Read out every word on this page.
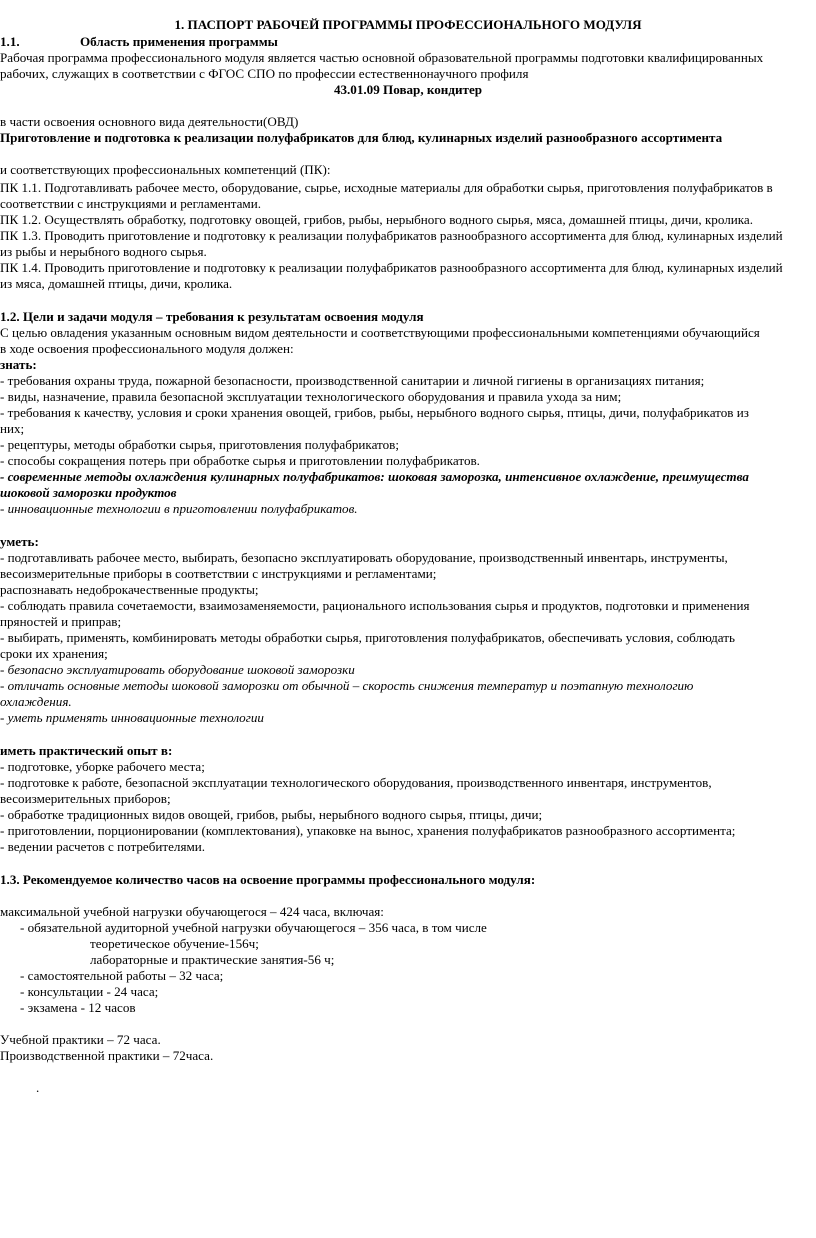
1. ПАСПОРТ РАБОЧЕЙ ПРОГРАММЫ ПРОФЕССИОНАЛЬНОГО МОДУЛЯ
1.1.	Область применения программы
Рабочая программа профессионального модуля является частью основной образовательной программы подготовки квалифицированных
рабочих, служащих в соответствии с ФГОС СПО по профессии естественнонаучного профиля
43.01.09 Повар, кондитер
в части освоения основного вида деятельности(ОВД)
Приготовление и подготовка к реализации полуфабрикатов для блюд, кулинарных изделий разнообразного ассортимента
и соответствующих профессиональных компетенций (ПК):
ПК 1.1. Подготавливать рабочее место, оборудование, сырье, исходные материалы для обработки сырья, приготовления полуфабрикатов в
соответствии с инструкциями и регламентами.
ПК 1.2. Осуществлять обработку, подготовку овощей, грибов, рыбы, нерыбного водного сырья, мяса, домашней птицы, дичи, кролика.
ПК 1.3. Проводить приготовление и подготовку к реализации полуфабрикатов разнообразного ассортимента для блюд, кулинарных изделий
из рыбы и нерыбного водного сырья.
ПК 1.4. Проводить приготовление и подготовку к реализации полуфабрикатов разнообразного ассортимента для блюд, кулинарных изделий
из мяса, домашней птицы, дичи, кролика.
1.2. Цели и задачи модуля – требования к результатам освоения модуля
С целью овладения указанным основным видом деятельности и соответствующими профессиональными компетенциями обучающийся
в ходе освоения профессионального модуля должен:
знать:
- требования охраны труда, пожарной безопасности, производственной санитарии и личной гигиены в организациях питания;
- виды, назначение, правила безопасной эксплуатации технологического оборудования и правила ухода за ним;
- требования к качеству, условия и сроки хранения овощей, грибов, рыбы, нерыбного водного сырья, птицы, дичи, полуфабрикатов из
них;
- рецептуры, методы обработки сырья, приготовления полуфабрикатов;
- способы сокращения потерь при обработке сырья и приготовлении полуфабрикатов.
- современные методы охлаждения кулинарных полуфабрикатов: шоковая заморозка, интенсивное охлаждение, преимущества
шоковой заморозки продуктов
- инновационные технологии в приготовлении полуфабрикатов.
уметь:
- подготавливать рабочее место, выбирать, безопасно эксплуатировать оборудование, производственный инвентарь, инструменты,
весоизмерительные приборы в соответствии с инструкциями и регламентами;
распознавать недоброкачественные продукты;
- соблюдать правила сочетаемости, взаимозаменяемости, рационального использования сырья и продуктов, подготовки и применения
пряностей и приправ;
- выбирать, применять, комбинировать методы обработки сырья, приготовления полуфабрикатов, обеспечивать условия, соблюдать
сроки их хранения;
- безопасно эксплуатировать оборудование шоковой заморозки
- отличать основные методы шоковой заморозки от обычной – скорость снижения температур и поэтапную технологию
охлаждения.
- уметь применять инновационные технологии
иметь практический опыт в:
- подготовке, уборке рабочего места;
- подготовке к работе, безопасной эксплуатации технологического оборудования, производственного инвентаря, инструментов,
весоизмерительных приборов;
- обработке традиционных видов овощей, грибов, рыбы, нерыбного водного сырья, птицы, дичи;
- приготовлении, порционировании (комплектования), упаковке на вынос, хранения полуфабрикатов разнообразного ассортимента;
- ведении расчетов с потребителями.
1.3. Рекомендуемое количество часов на освоение программы профессионального модуля:
максимальной учебной нагрузки обучающегося – 424 часа, включая:
- обязательной аудиторной учебной нагрузки обучающегося – 356 часа, в том числе
теоретическое обучение-156ч;
лабораторные и практические занятия-56 ч;
- самостоятельной работы – 32 часа;
- консультации - 24 часа;
- экзамена - 12 часов
Учебной практики – 72 часа.
Производственной практики – 72часа.
.
